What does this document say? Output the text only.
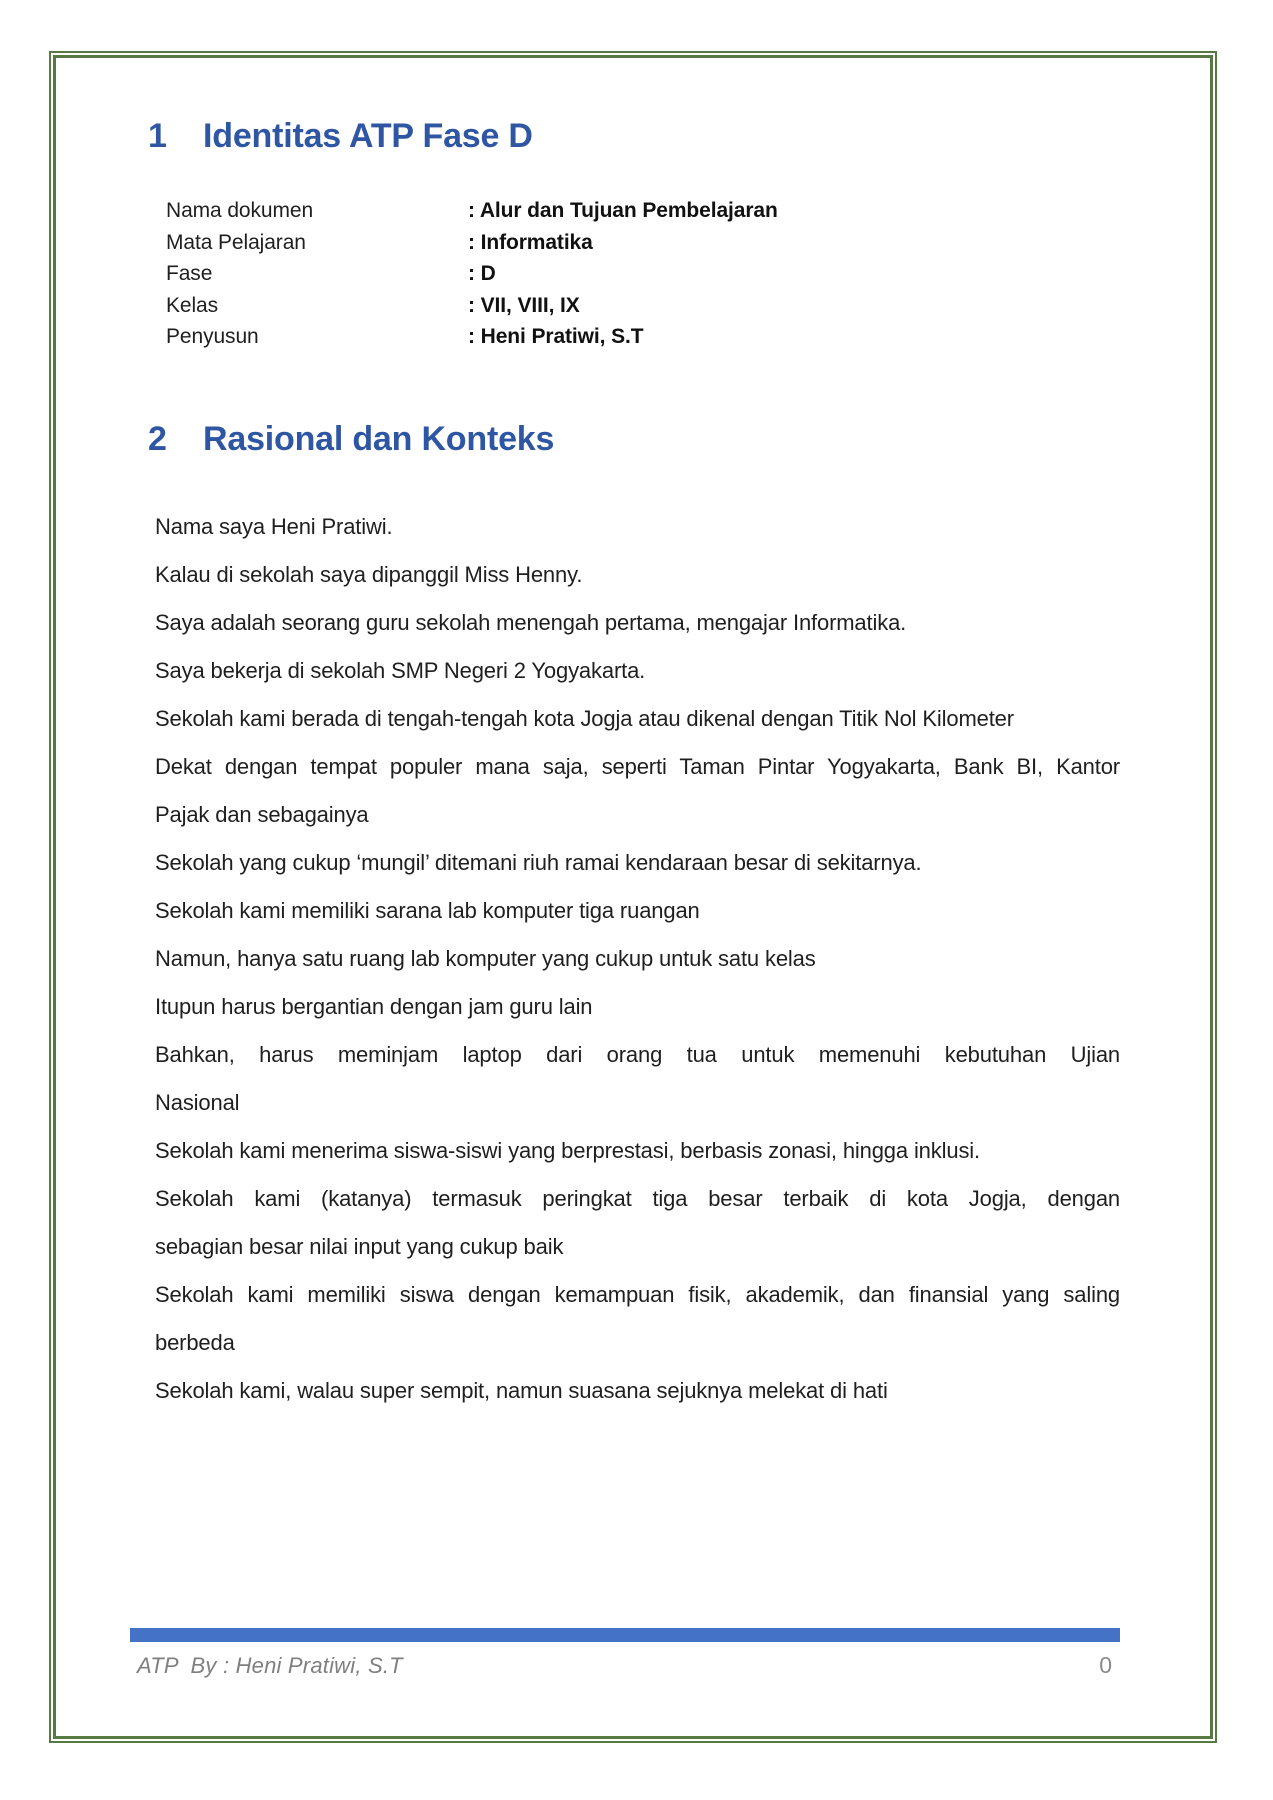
1	Identitas ATP Fase D
Nama dokumen	: Alur dan Tujuan Pembelajaran
Mata Pelajaran	: Informatika
Fase	: D
Kelas	: VII, VIII, IX
Penyusun	: Heni Pratiwi, S.T
2	Rasional dan Konteks
Nama saya Heni Pratiwi.
Kalau di sekolah saya dipanggil Miss Henny.
Saya adalah seorang guru sekolah menengah pertama, mengajar Informatika.
Saya bekerja di sekolah SMP Negeri 2 Yogyakarta.
Sekolah kami berada di tengah-tengah kota Jogja atau dikenal dengan Titik Nol Kilometer
Dekat dengan tempat populer mana saja, seperti Taman Pintar Yogyakarta, Bank BI, Kantor
Pajak dan sebagainya
Sekolah yang cukup ‘mungil’ ditemani riuh ramai kendaraan besar di sekitarnya.
Sekolah kami memiliki sarana lab komputer tiga ruangan
Namun, hanya satu ruang lab komputer yang cukup untuk satu kelas
Itupun harus bergantian dengan jam guru lain
Bahkan, harus meminjam laptop dari orang tua untuk memenuhi kebutuhan Ujian
Nasional
Sekolah kami menerima siswa-siswi yang berprestasi, berbasis zonasi, hingga inklusi.
Sekolah kami (katanya) termasuk peringkat tiga besar terbaik di kota Jogja, dengan
sebagian besar nilai input yang cukup baik
Sekolah kami memiliki siswa dengan kemampuan fisik, akademik, dan finansial yang saling
berbeda
Sekolah kami, walau super sempit, namun suasana sejuknya melekat di hati
ATP  By : Heni Pratiwi, S.T	0
